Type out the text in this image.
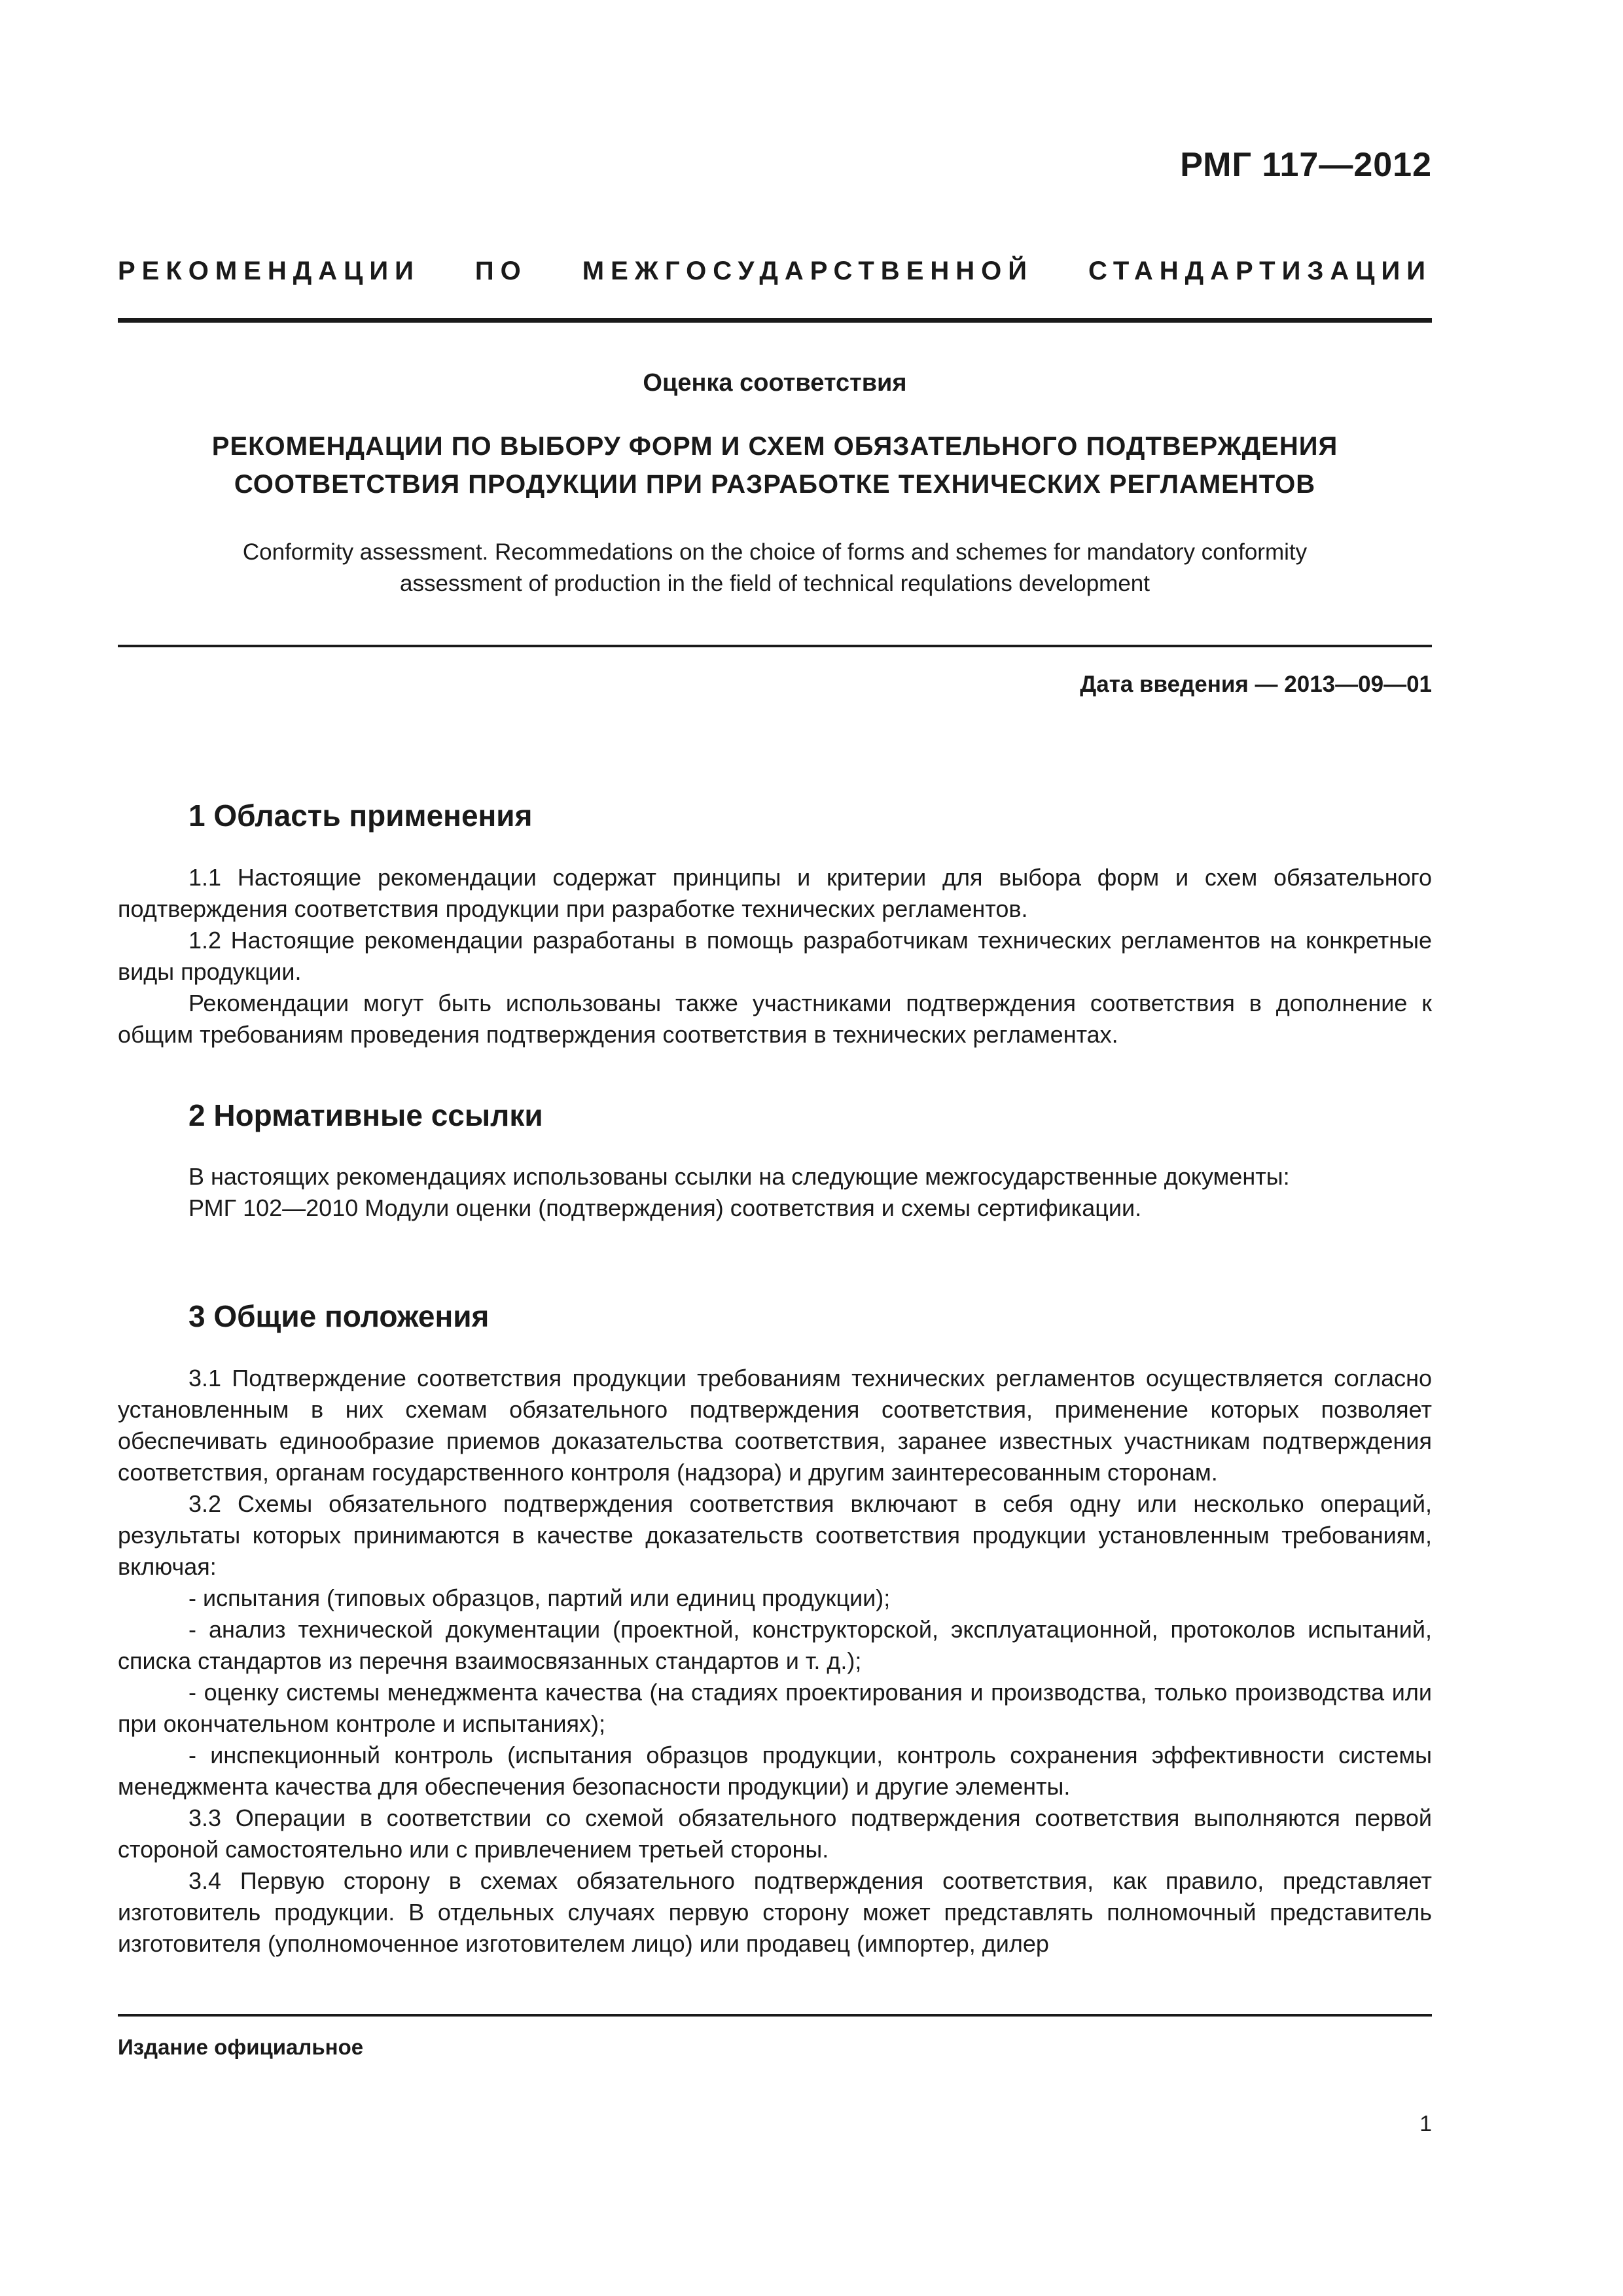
РМГ 117—2012
РЕКОМЕНДАЦИИ ПО МЕЖГОСУДАРСТВЕННОЙ СТАНДАРТИЗАЦИИ
Оценка соответствия
РЕКОМЕНДАЦИИ ПО ВЫБОРУ ФОРМ И СХЕМ ОБЯЗАТЕЛЬНОГО ПОДТВЕРЖДЕНИЯ
СООТВЕТСТВИЯ ПРОДУКЦИИ ПРИ РАЗРАБОТКЕ ТЕХНИЧЕСКИХ РЕГЛАМЕНТОВ
Conformity assessment. Recommedations on the choice of forms and schemes for mandatory conformity
assessment of production in the field of technical requlations development
Дата введения — 2013—09—01
1 Область применения

1.1 Настоящие рекомендации содержат принципы и критерии для выбора форм и схем обязательного подтверждения соответствия продукции при разработке технических регламентов.

1.2 Настоящие рекомендации разработаны в помощь разработчикам технических регламентов на конкретные виды продукции.

Рекомендации могут быть использованы также участниками подтверждения соответствия в дополнение к общим требованиям проведения подтверждения соответствия в технических регламентах.

2 Нормативные ссылки

В настоящих рекомендациях использованы ссылки на следующие межгосударственные документы:

РМГ 102—2010 Модули оценки (подтверждения) соответствия и схемы сертификации.

3 Общие положения

3.1 Подтверждение соответствия продукции требованиям технических регламентов осуществляется согласно установленным в них схемам обязательного подтверждения соответствия, применение которых позволяет обеспечивать единообразие приемов доказательства соответствия, заранее известных участникам подтверждения соответствия, органам государственного контроля (надзора) и другим заинтересованным сторонам.

3.2 Схемы обязательного подтверждения соответствия включают в себя одну или несколько операций, результаты которых принимаются в качестве доказательств соответствия продукции установленным требованиям, включая:

- испытания (типовых образцов, партий или единиц продукции);

- анализ технической документации (проектной, конструкторской, эксплуатационной, протоколов испытаний, списка стандартов из перечня взаимосвязанных стандартов и т. д.);

- оценку системы менеджмента качества (на стадиях проектирования и производства, только производства или при окончательном контроле и испытаниях);

- инспекционный контроль (испытания образцов продукции, контроль сохранения эффективности системы менеджмента качества для обеспечения безопасности продукции) и другие элементы.

3.3 Операции в соответствии со схемой обязательного подтверждения соответствия выполняются первой стороной самостоятельно или с привлечением третьей стороны.

3.4 Первую сторону в схемах обязательного подтверждения соответствия, как правило, представляет изготовитель продукции. В отдельных случаях первую сторону может представлять полномочный представитель изготовителя (уполномоченное изготовителем лицо) или продавец (импортер, дилер

Издание официальное
1
